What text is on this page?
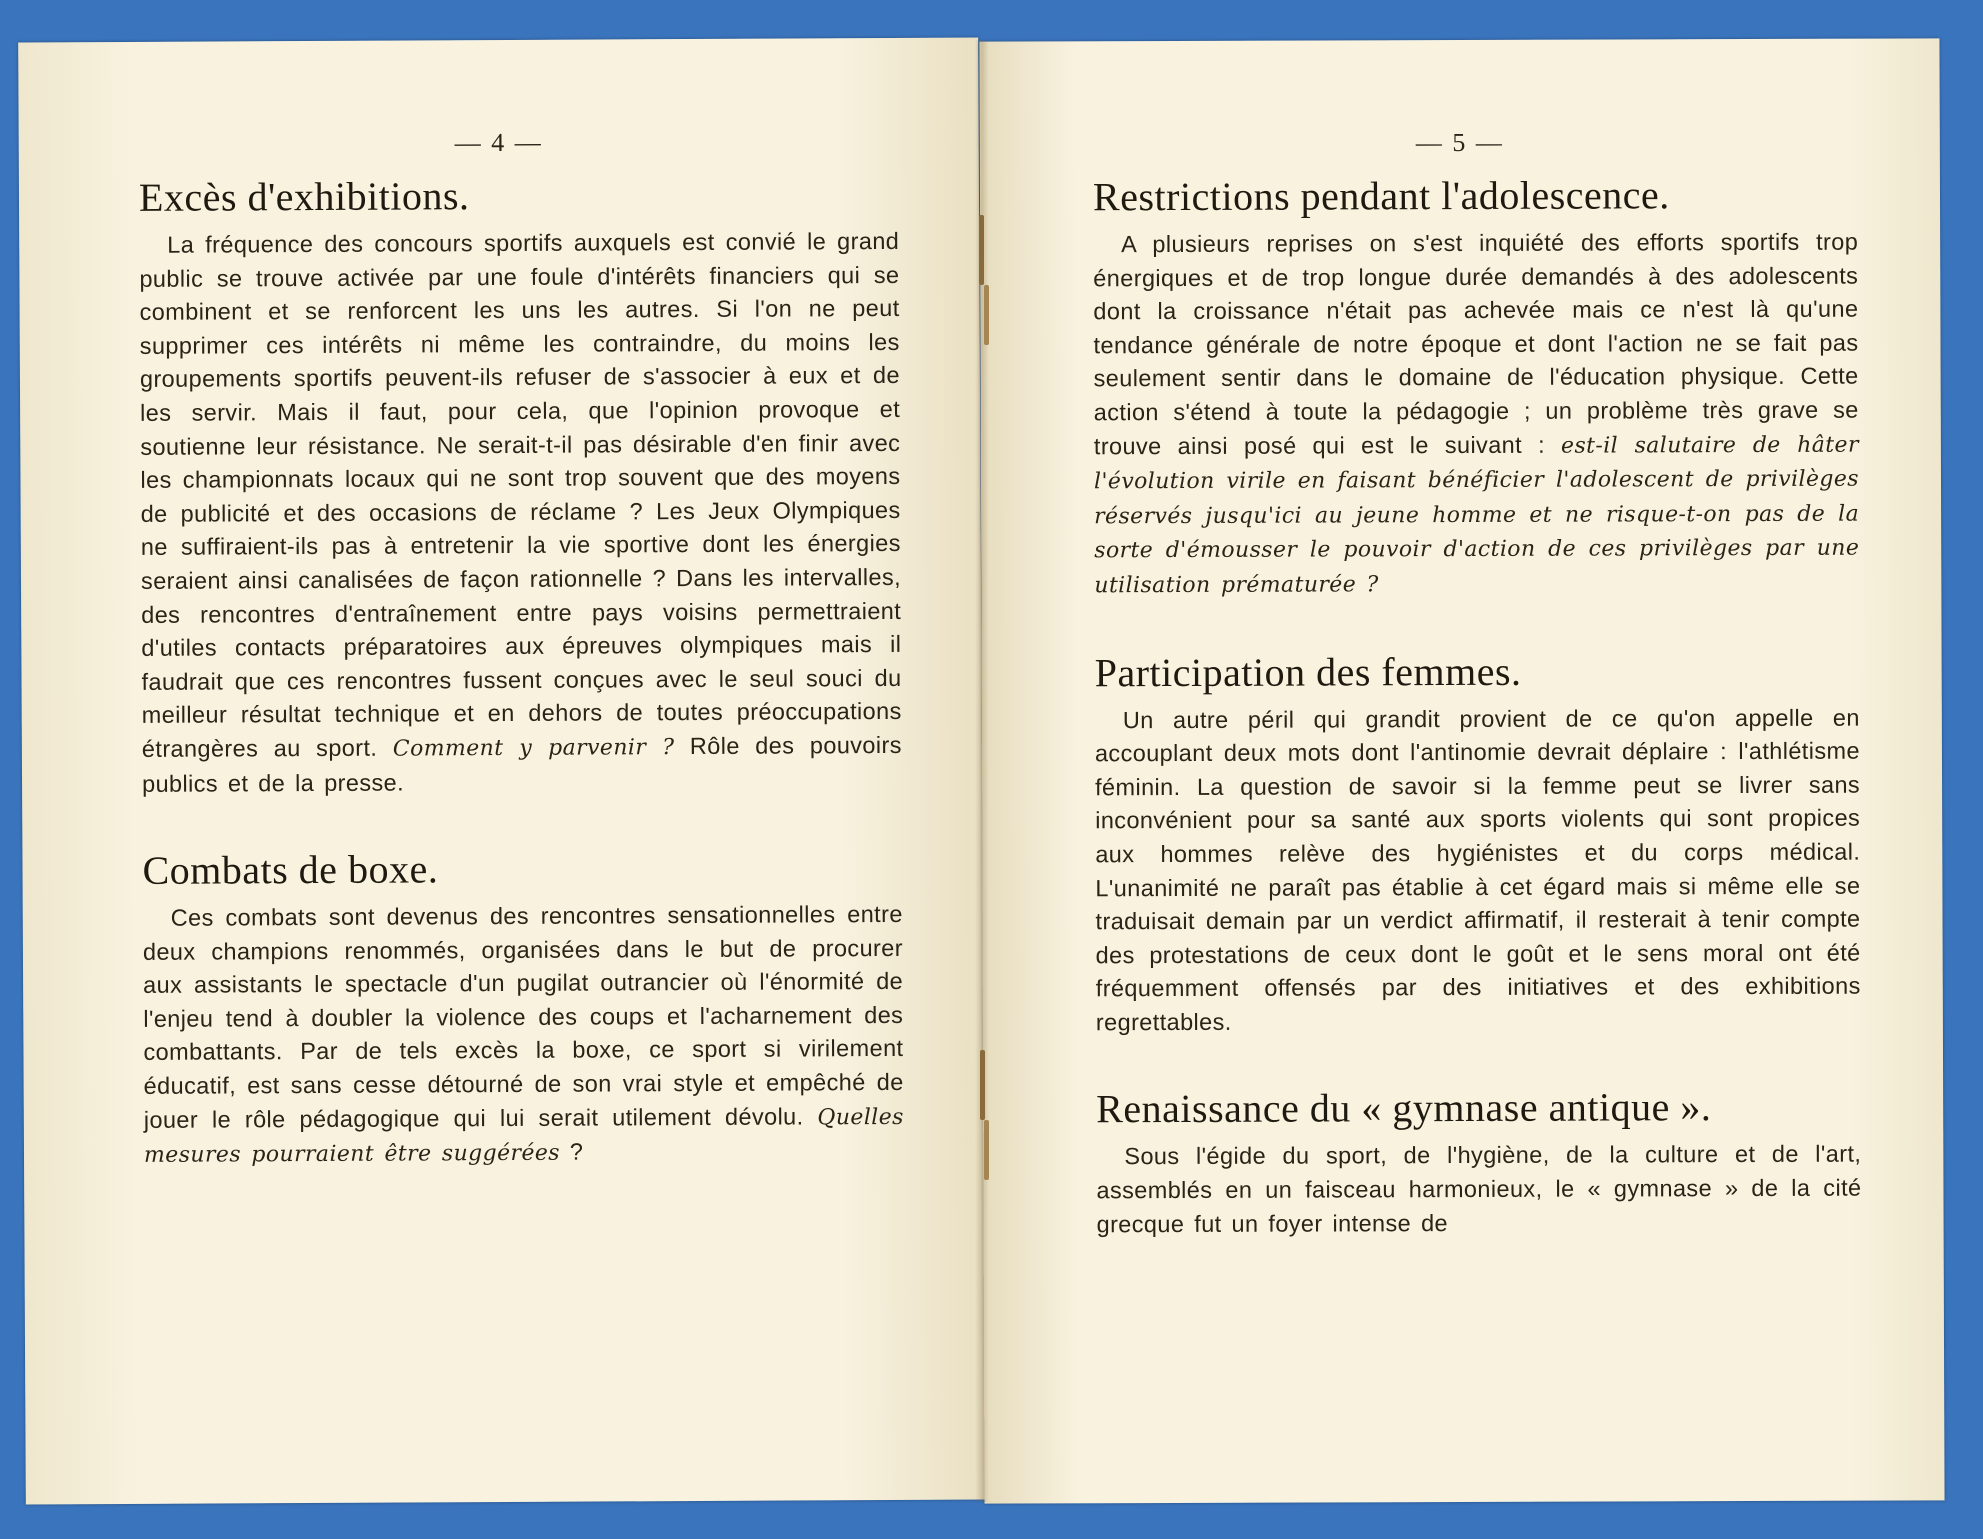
— 4 —
Excès d'exhibitions.

La fréquence des concours sportifs auxquels est convié le grand public se trouve activée par une foule d'intérêts financiers qui se combinent et se renforcent les uns les autres. Si l'on ne peut supprimer ces intérêts ni même les contraindre, du moins les groupements sportifs peuvent-ils refuser de s'associer à eux et de les servir. Mais il faut, pour cela, que l'opinion provoque et soutienne leur résistance. Ne serait-t-il pas désirable d'en finir avec les championnats locaux qui ne sont trop souvent que des moyens de publicité et des occasions de réclame ? Les Jeux Olympiques ne suffiraient-ils pas à entretenir la vie sportive dont les énergies seraient ainsi canalisées de façon rationnelle ? Dans les intervalles, des rencontres d'entraînement entre pays voisins permettraient d'utiles contacts préparatoires aux épreuves olympiques mais il faudrait que ces rencontres fussent conçues avec le seul souci du meilleur résultat technique et en dehors de toutes préoccupations étrangères au sport. Comment y parvenir ? Rôle des pouvoirs publics et de la presse.

Combats de boxe.

Ces combats sont devenus des rencontres sensationnelles entre deux champions renommés, organisées dans le but de procurer aux assistants le spectacle d'un pugilat outrancier où l'énormité de l'enjeu tend à doubler la violence des coups et l'acharnement des combattants. Par de tels excès la boxe, ce sport si virilement éducatif, est sans cesse détourné de son vrai style et empêché de jouer le rôle pédagogique qui lui serait utilement dévolu. Quelles mesures pourraient être suggérées ?

— 5 —
Restrictions pendant l'adolescence.

A plusieurs reprises on s'est inquiété des efforts sportifs trop énergiques et de trop longue durée demandés à des adolescents dont la croissance n'était pas achevée mais ce n'est là qu'une tendance générale de notre époque et dont l'action ne se fait pas seulement sentir dans le domaine de l'éducation physique. Cette action s'étend à toute la pédagogie ; un problème très grave se trouve ainsi posé qui est le suivant : est-il salutaire de hâter l'évolution virile en faisant bénéficier l'adolescent de privilèges réservés jusqu'ici au jeune homme et ne risque-t-on pas de la sorte d'émousser le pouvoir d'action de ces privilèges par une utilisation prématurée ?

Participation des femmes.

Un autre péril qui grandit provient de ce qu'on appelle en accouplant deux mots dont l'antinomie devrait déplaire : l'athlétisme féminin. La question de savoir si la femme peut se livrer sans inconvénient pour sa santé aux sports violents qui sont propices aux hommes relève des hygiénistes et du corps médical. L'unanimité ne paraît pas établie à cet égard mais si même elle se traduisait demain par un verdict affirmatif, il resterait à tenir compte des protestations de ceux dont le goût et le sens moral ont été fréquemment offensés par des initiatives et des exhibitions regrettables.

Renaissance du « gymnase antique ».

Sous l'égide du sport, de l'hygiène, de la culture et de l'art, assemblés en un faisceau harmonieux, le « gymnase » de la cité grecque fut un foyer intense de
